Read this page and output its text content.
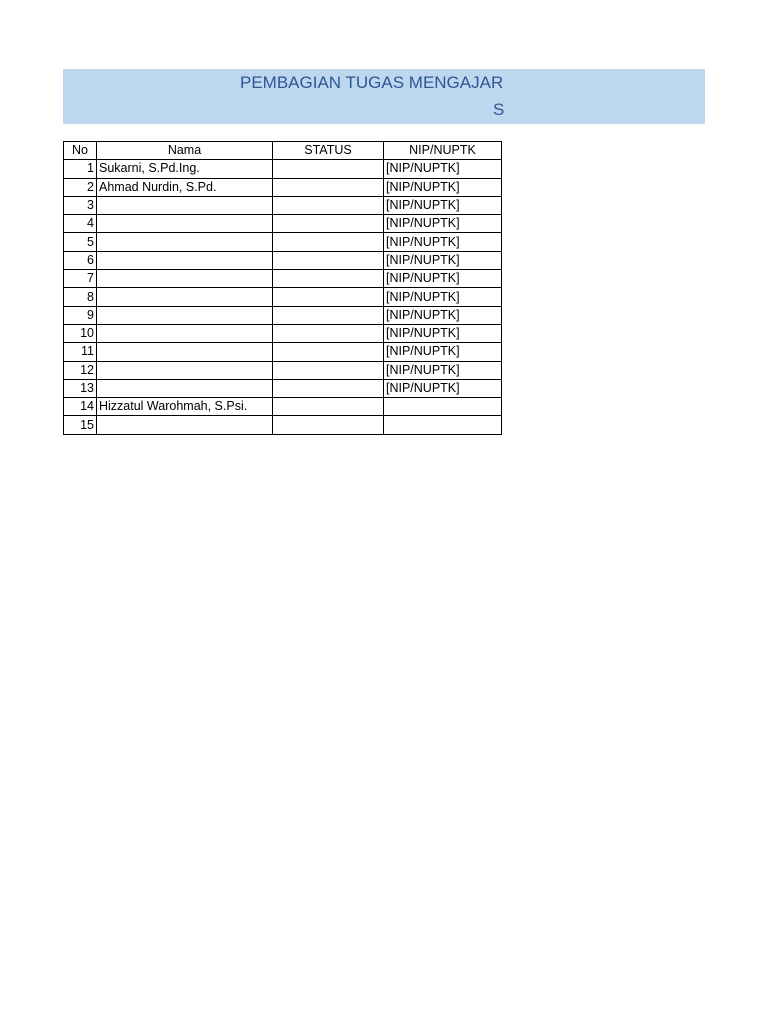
PEMBAGIAN TUGAS MENGAJAR
S
No	Nama	STATUS	NIP/NUPTK
1	Sukarni, S.Pd.Ing.		[NIP/NUPTK]
2	Ahmad Nurdin, S.Pd.		[NIP/NUPTK]
3			[NIP/NUPTK]
4			[NIP/NUPTK]
5			[NIP/NUPTK]
6			[NIP/NUPTK]
7			[NIP/NUPTK]
8			[NIP/NUPTK]
9			[NIP/NUPTK]
10			[NIP/NUPTK]
11			[NIP/NUPTK]
12			[NIP/NUPTK]
13			[NIP/NUPTK]
14	Hizzatul Warohmah, S.Psi.		
15			
